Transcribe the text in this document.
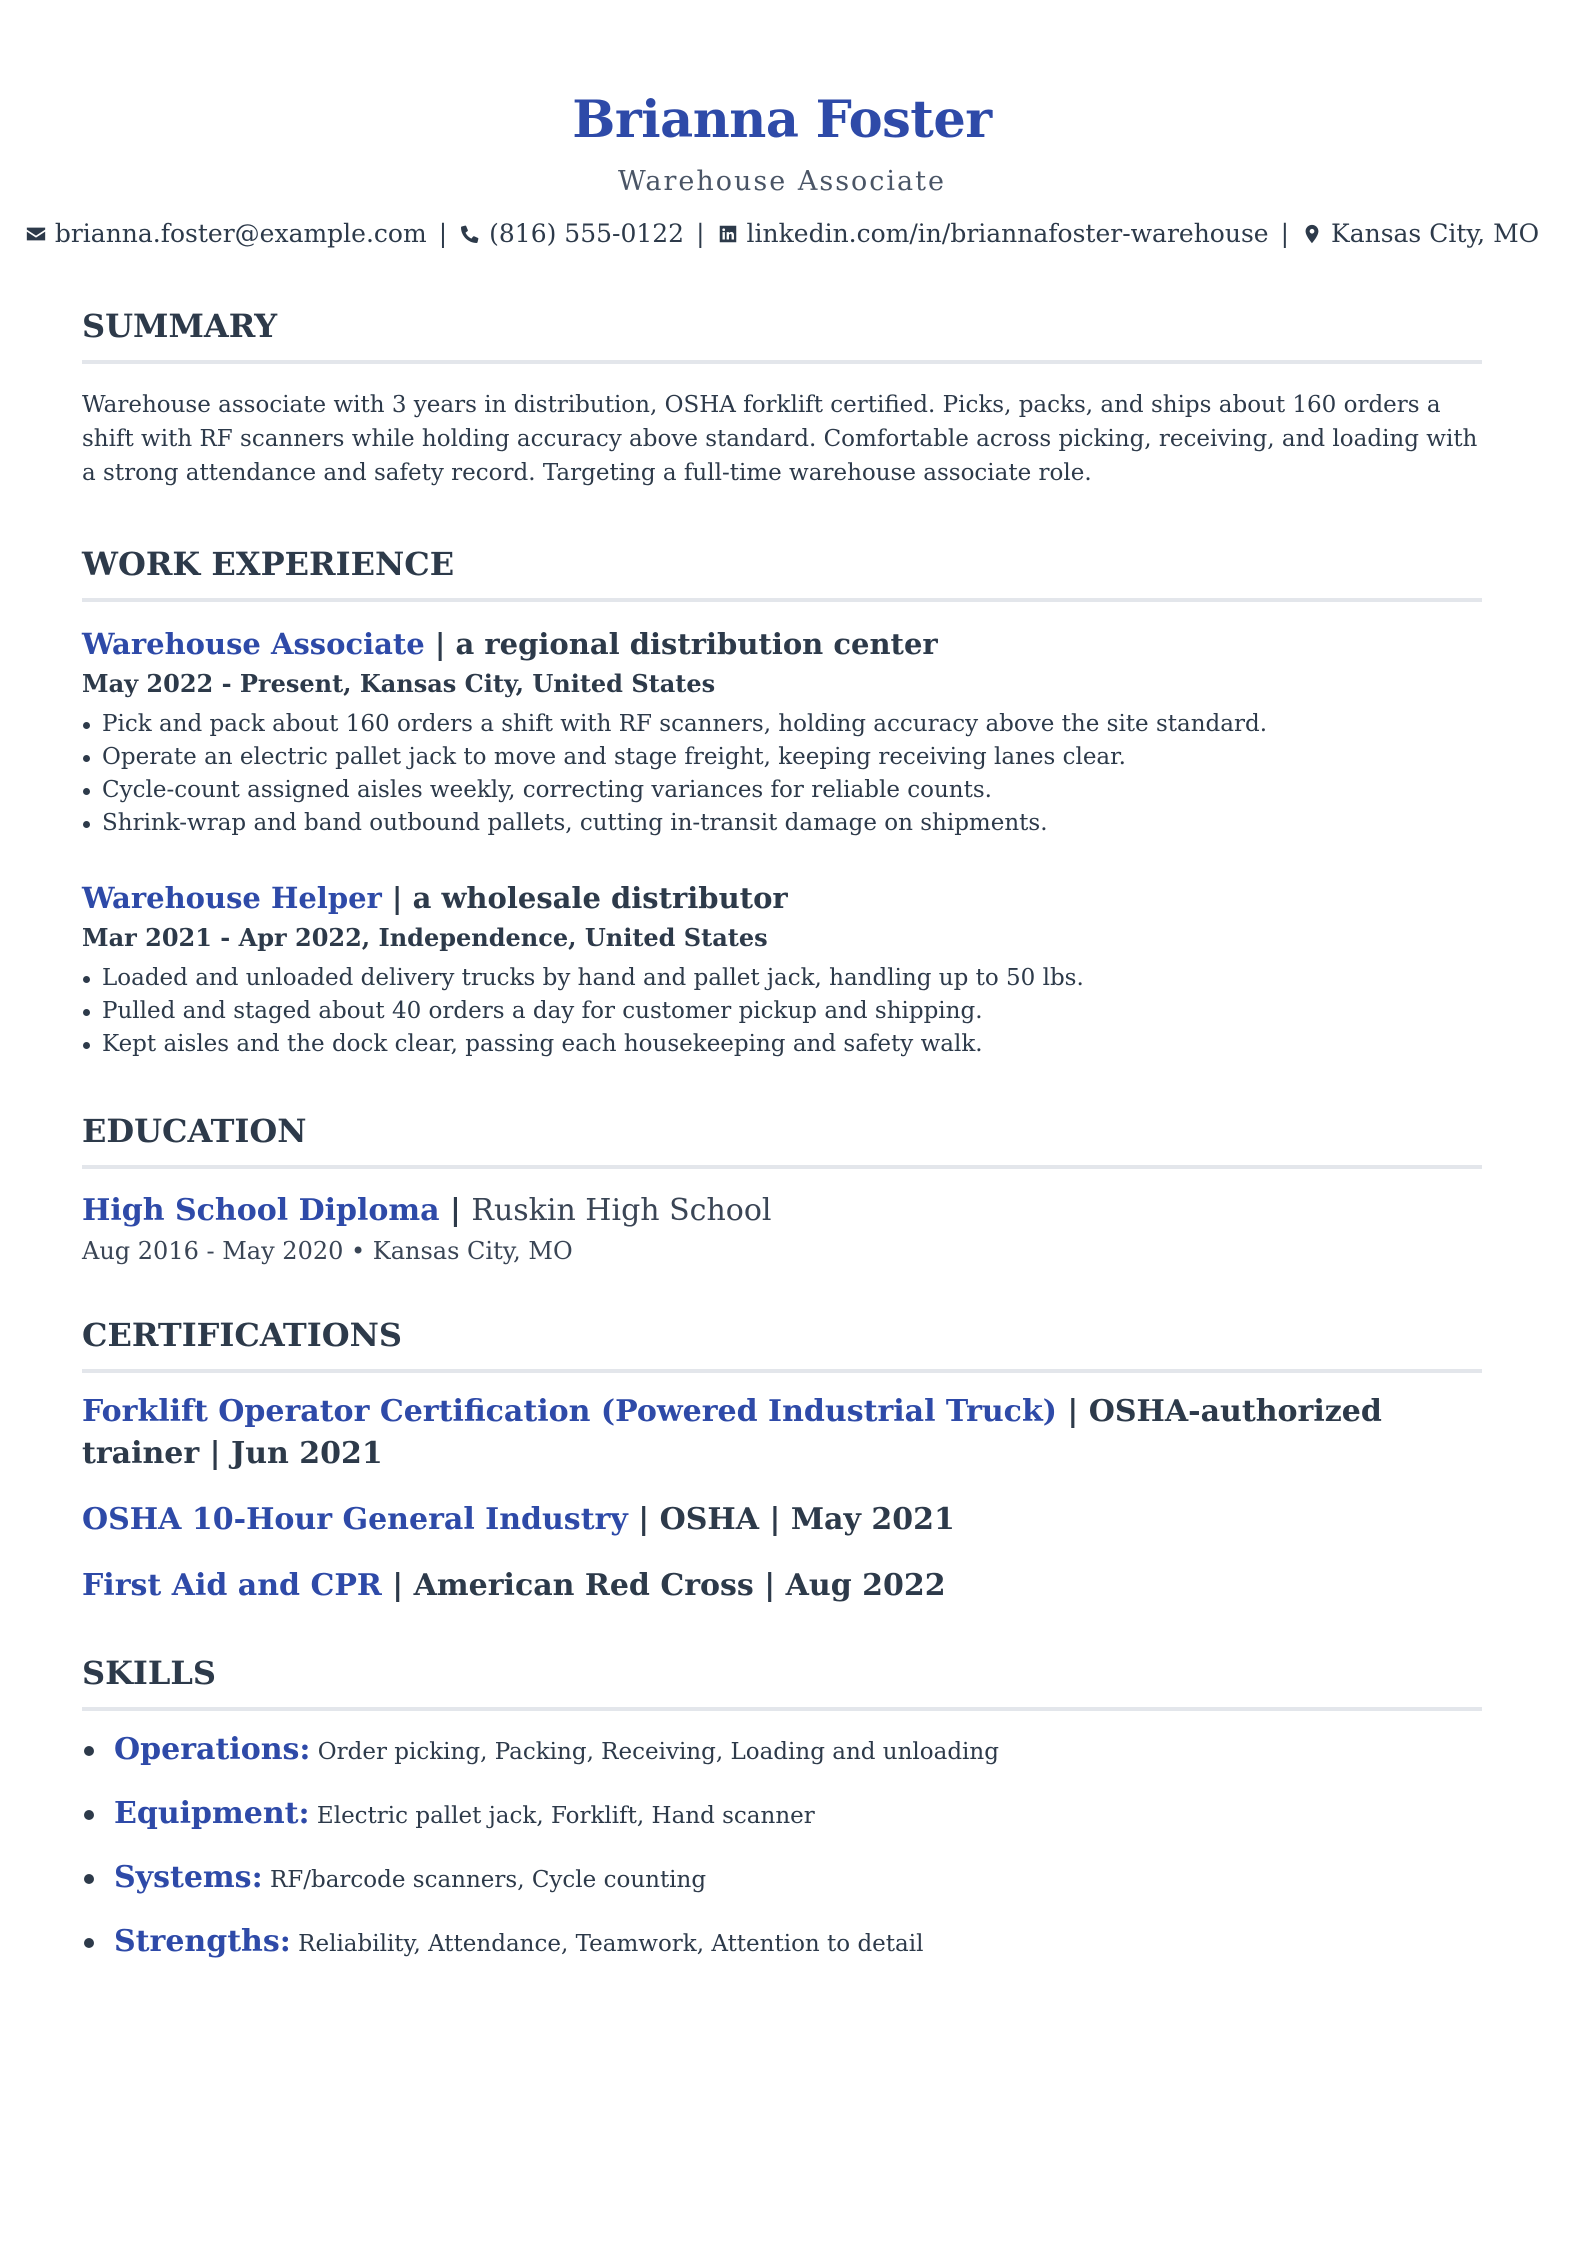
Brianna Foster
Warehouse Associate
brianna.foster@example.com | (816) 555-0122 | linkedin.com/in/briannafoster-warehouse | Kansas City, MO
SUMMARY

Warehouse associate with 3 years in distribution, OSHA forklift certified. Picks, packs, and ships about 160 orders a shift with RF scanners while holding accuracy above standard. Comfortable across picking, receiving, and loading with a strong attendance and safety record. Targeting a full-time warehouse associate role.

WORK EXPERIENCE
Warehouse Associate | a regional distribution center
May 2022 - Present, Kansas City, United States
Pick and pack about 160 orders a shift with RF scanners, holding accuracy above the site standard.
Operate an electric pallet jack to move and stage freight, keeping receiving lanes clear.
Cycle-count assigned aisles weekly, correcting variances for reliable counts.
Shrink-wrap and band outbound pallets, cutting in-transit damage on shipments.
Warehouse Helper | a wholesale distributor
Mar 2021 - Apr 2022, Independence, United States
Loaded and unloaded delivery trucks by hand and pallet jack, handling up to 50 lbs.
Pulled and staged about 40 orders a day for customer pickup and shipping.
Kept aisles and the dock clear, passing each housekeeping and safety walk.
EDUCATION
High School Diploma | Ruskin High School
Aug 2016 - May 2020 • Kansas City, MO
CERTIFICATIONS
Forklift Operator Certification (Powered Industrial Truck) | OSHA-authorized trainer | Jun 2021
OSHA 10-Hour General Industry | OSHA | May 2021
First Aid and CPR | American Red Cross | Aug 2022
SKILLS
Operations: Order picking, Packing, Receiving, Loading and unloading
Equipment: Electric pallet jack, Forklift, Hand scanner
Systems: RF/barcode scanners, Cycle counting
Strengths: Reliability, Attendance, Teamwork, Attention to detail
